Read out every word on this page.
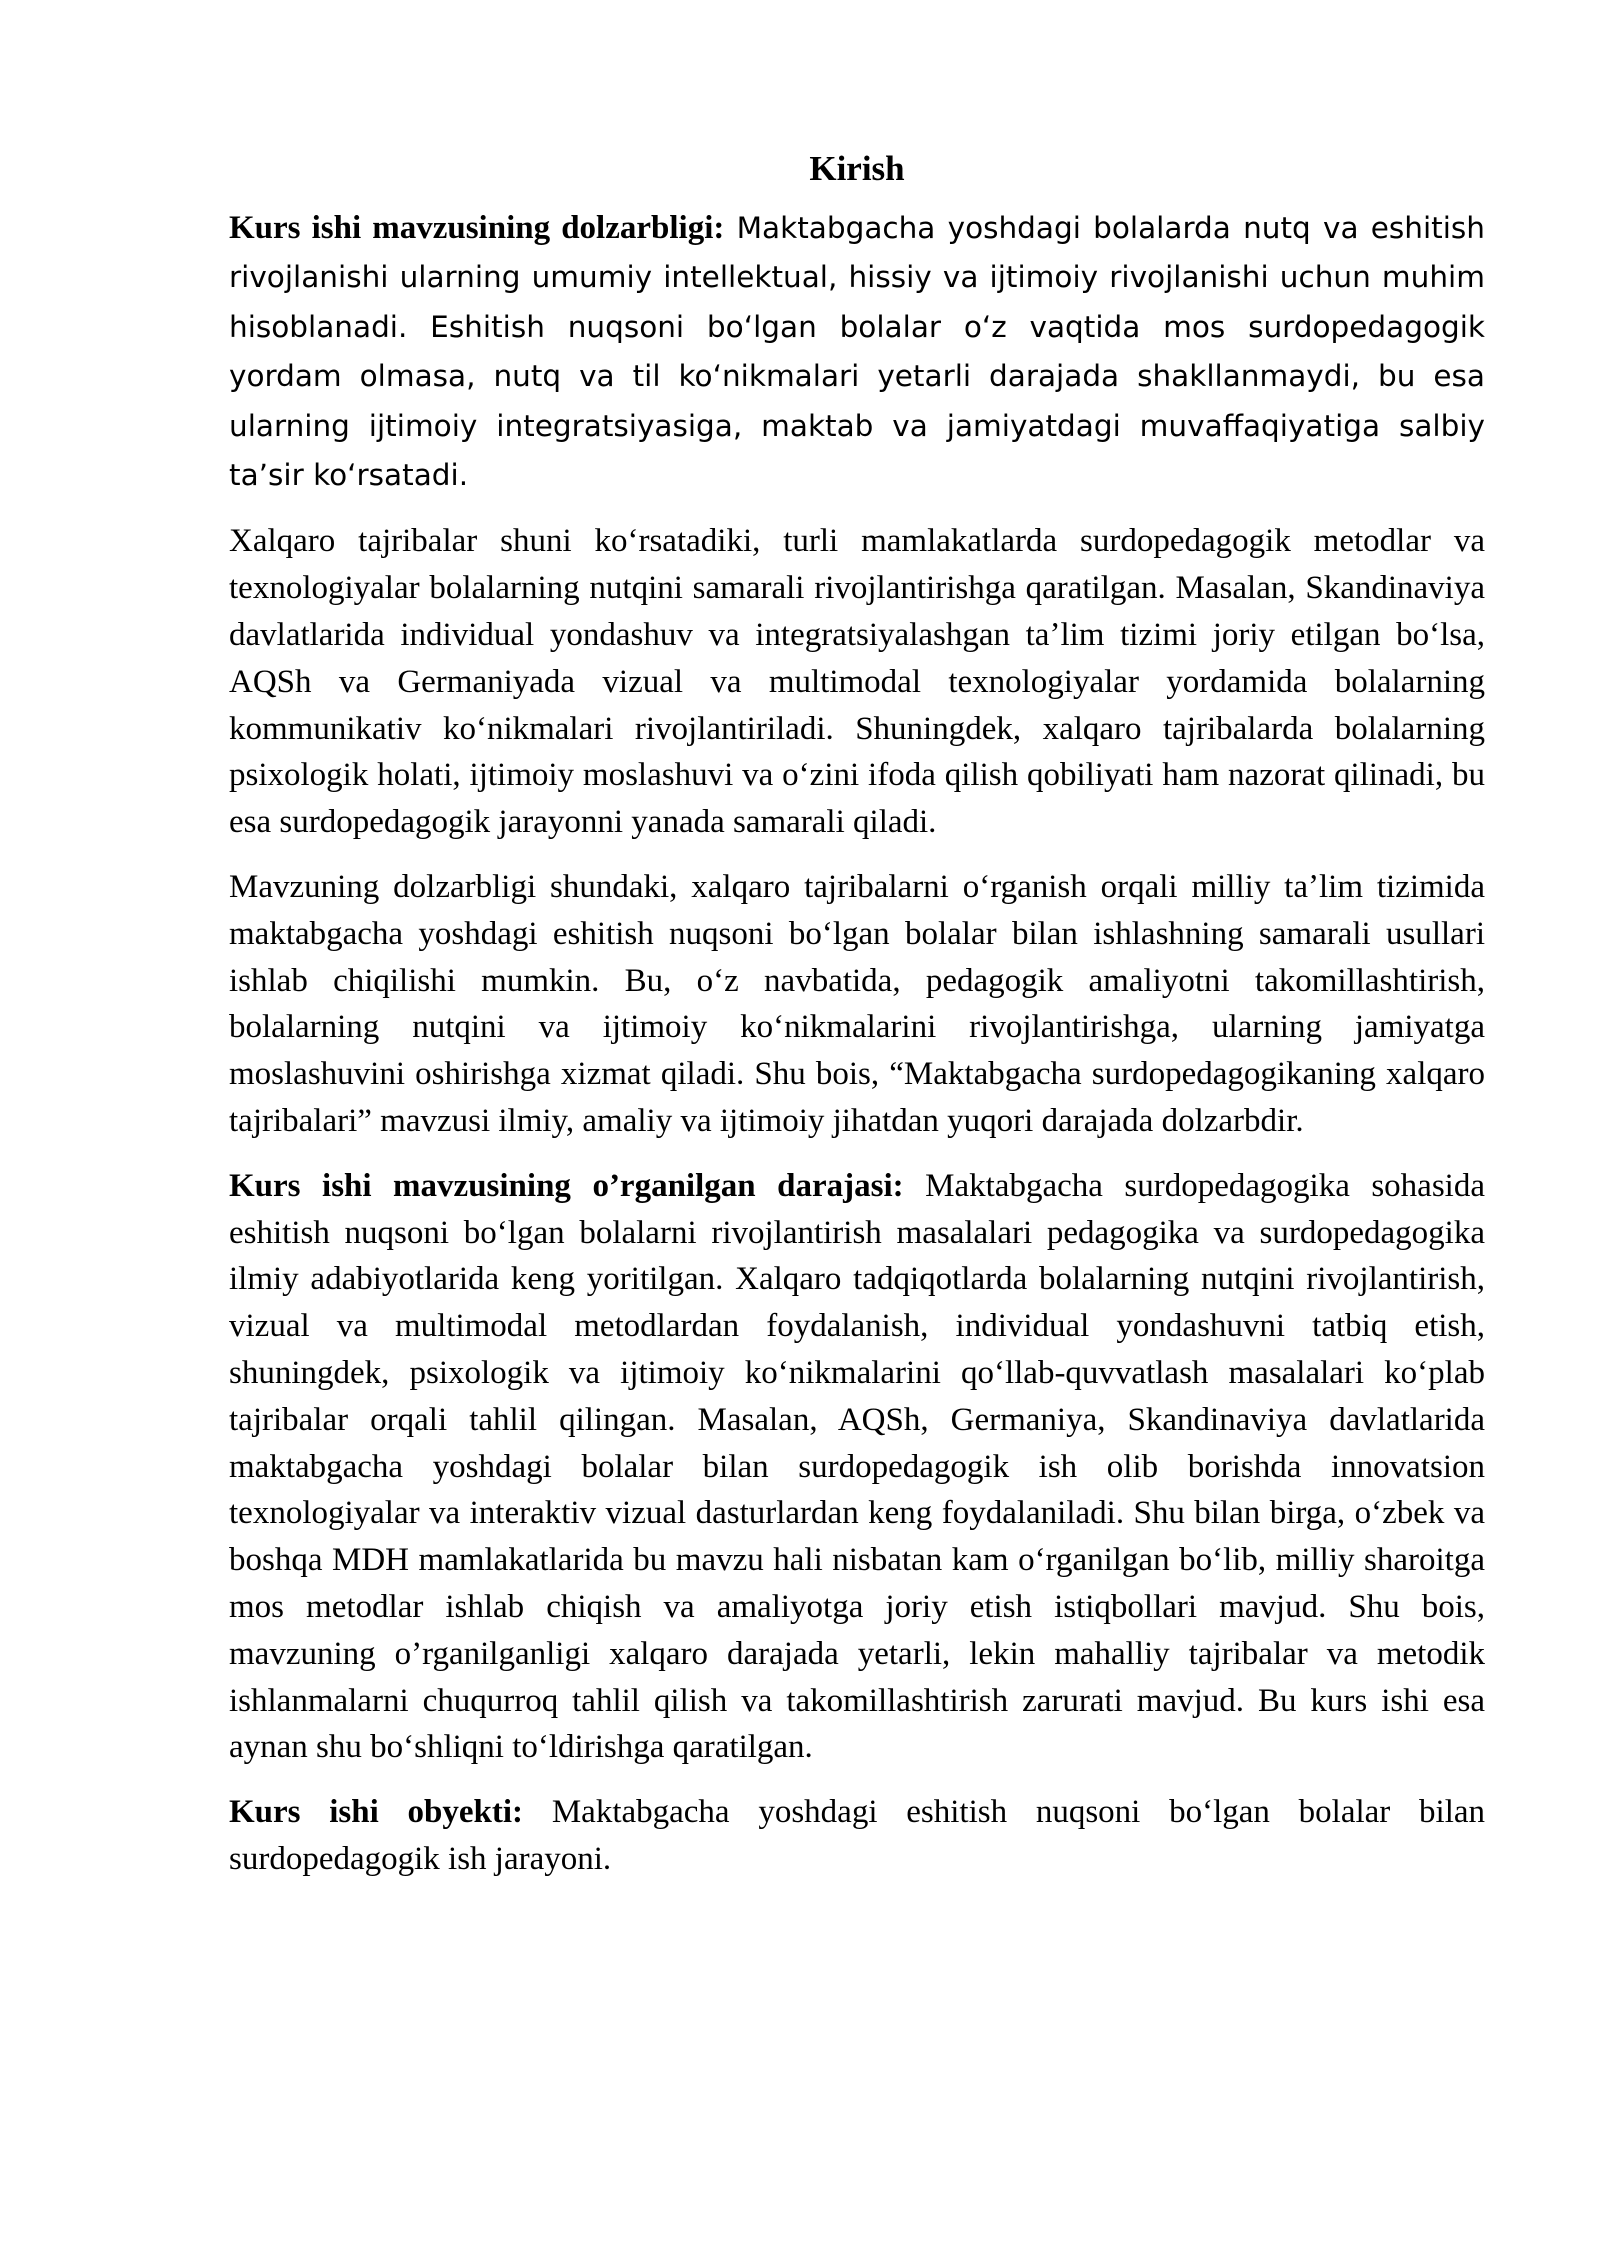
Kirish

Kurs ishi mavzusining dolzarbligi: Maktabgacha yoshdagi bolalarda nutq va eshitish rivojlanishi ularning umumiy intellektual, hissiy va ijtimoiy rivojlanishi uchun muhim hisoblanadi. Eshitish nuqsoni boʻlgan bolalar oʻz vaqtida mos surdopedagogik yordam olmasa, nutq va til koʻnikmalari yetarli darajada shakllanmaydi, bu esa ularning ijtimoiy integratsiyasiga, maktab va jamiyatdagi muvaffaqiyatiga salbiy taʼsir koʻrsatadi.

Xalqaro tajribalar shuni koʻrsatadiki, turli mamlakatlarda surdopedagogik metodlar va texnologiyalar bolalarning nutqini samarali rivojlantirishga qaratilgan. Masalan, Skandinaviya davlatlarida individual yondashuv va integratsiyalashgan taʼlim tizimi joriy etilgan boʻlsa, AQSh va Germaniyada vizual va multimodal texnologiyalar yordamida bolalarning kommunikativ koʻnikmalari rivojlantiriladi. Shuningdek, xalqaro tajribalarda bolalarning psixologik holati, ijtimoiy moslashuvi va oʻzini ifoda qilish qobiliyati ham nazorat qilinadi, bu esa surdopedagogik jarayonni yanada samarali qiladi.

Mavzuning dolzarbligi shundaki, xalqaro tajribalarni oʻrganish orqali milliy taʼlim tizimida maktabgacha yoshdagi eshitish nuqsoni boʻlgan bolalar bilan ishlashning samarali usullari ishlab chiqilishi mumkin. Bu, oʻz navbatida, pedagogik amaliyotni takomillashtirish, bolalarning nutqini va ijtimoiy koʻnikmalarini rivojlantirishga, ularning jamiyatga moslashuvini oshirishga xizmat qiladi. Shu bois, “Maktabgacha surdopedagogikaning xalqaro tajribalari” mavzusi ilmiy, amaliy va ijtimoiy jihatdan yuqori darajada dolzarbdir.

Kurs ishi mavzusining o’rganilgan darajasi: Maktabgacha surdopedagogika sohasida eshitish nuqsoni boʻlgan bolalarni rivojlantirish masalalari pedagogika va surdopedagogika ilmiy adabiyotlarida keng yoritilgan. Xalqaro tadqiqotlarda bolalarning nutqini rivojlantirish, vizual va multimodal metodlardan foydalanish, individual yondashuvni tatbiq etish, shuningdek, psixologik va ijtimoiy koʻnikmalarini qoʻllab-quvvatlash masalalari koʻplab tajribalar orqali tahlil qilingan. Masalan, AQSh, Germaniya, Skandinaviya davlatlarida maktabgacha yoshdagi bolalar bilan surdopedagogik ish olib borishda innovatsion texnologiyalar va interaktiv vizual dasturlardan keng foydalaniladi. Shu bilan birga, oʻzbek va boshqa MDH mamlakatlarida bu mavzu hali nisbatan kam oʻrganilgan boʻlib, milliy sharoitga mos metodlar ishlab chiqish va amaliyotga joriy etish istiqbollari mavjud. Shu bois, mavzuning o’rganilganligi xalqaro darajada yetarli, lekin mahalliy tajribalar va metodik ishlanmalarni chuqurroq tahlil qilish va takomillashtirish zarurati mavjud. Bu kurs ishi esa aynan shu boʻshliqni toʻldirishga qaratilgan.

Kurs ishi obyekti: Maktabgacha yoshdagi eshitish nuqsoni boʻlgan bolalar bilan surdopedagogik ish jarayoni.
